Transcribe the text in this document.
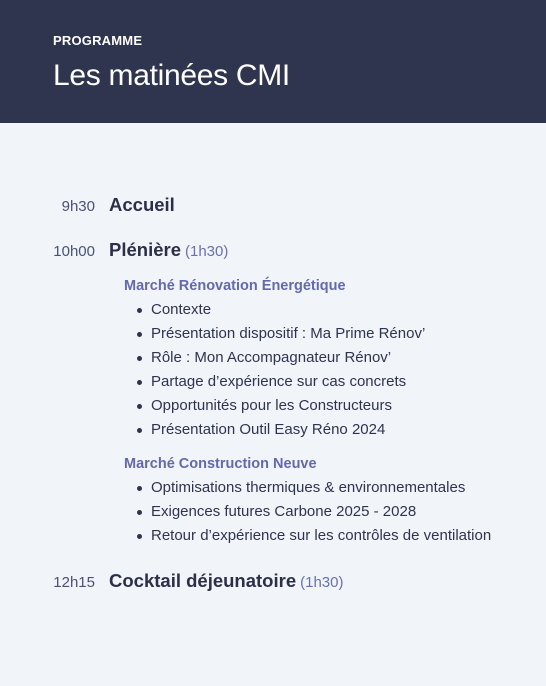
PROGRAMME
Les matinées CMI
9h30 Accueil
10h00 Plénière (1h30)
Marché Rénovation Énergétique
Contexte
Présentation dispositif : Ma Prime Rénov’
Rôle : Mon Accompagnateur Rénov’
Partage d’expérience sur cas concrets
Opportunités pour les Constructeurs
Présentation Outil Easy Réno 2024
Marché Construction Neuve
Optimisations thermiques & environnementales
Exigences futures Carbone 2025 - 2028
Retour d’expérience sur les contrôles de ventilation
12h15 Cocktail déjeunatoire (1h30)
